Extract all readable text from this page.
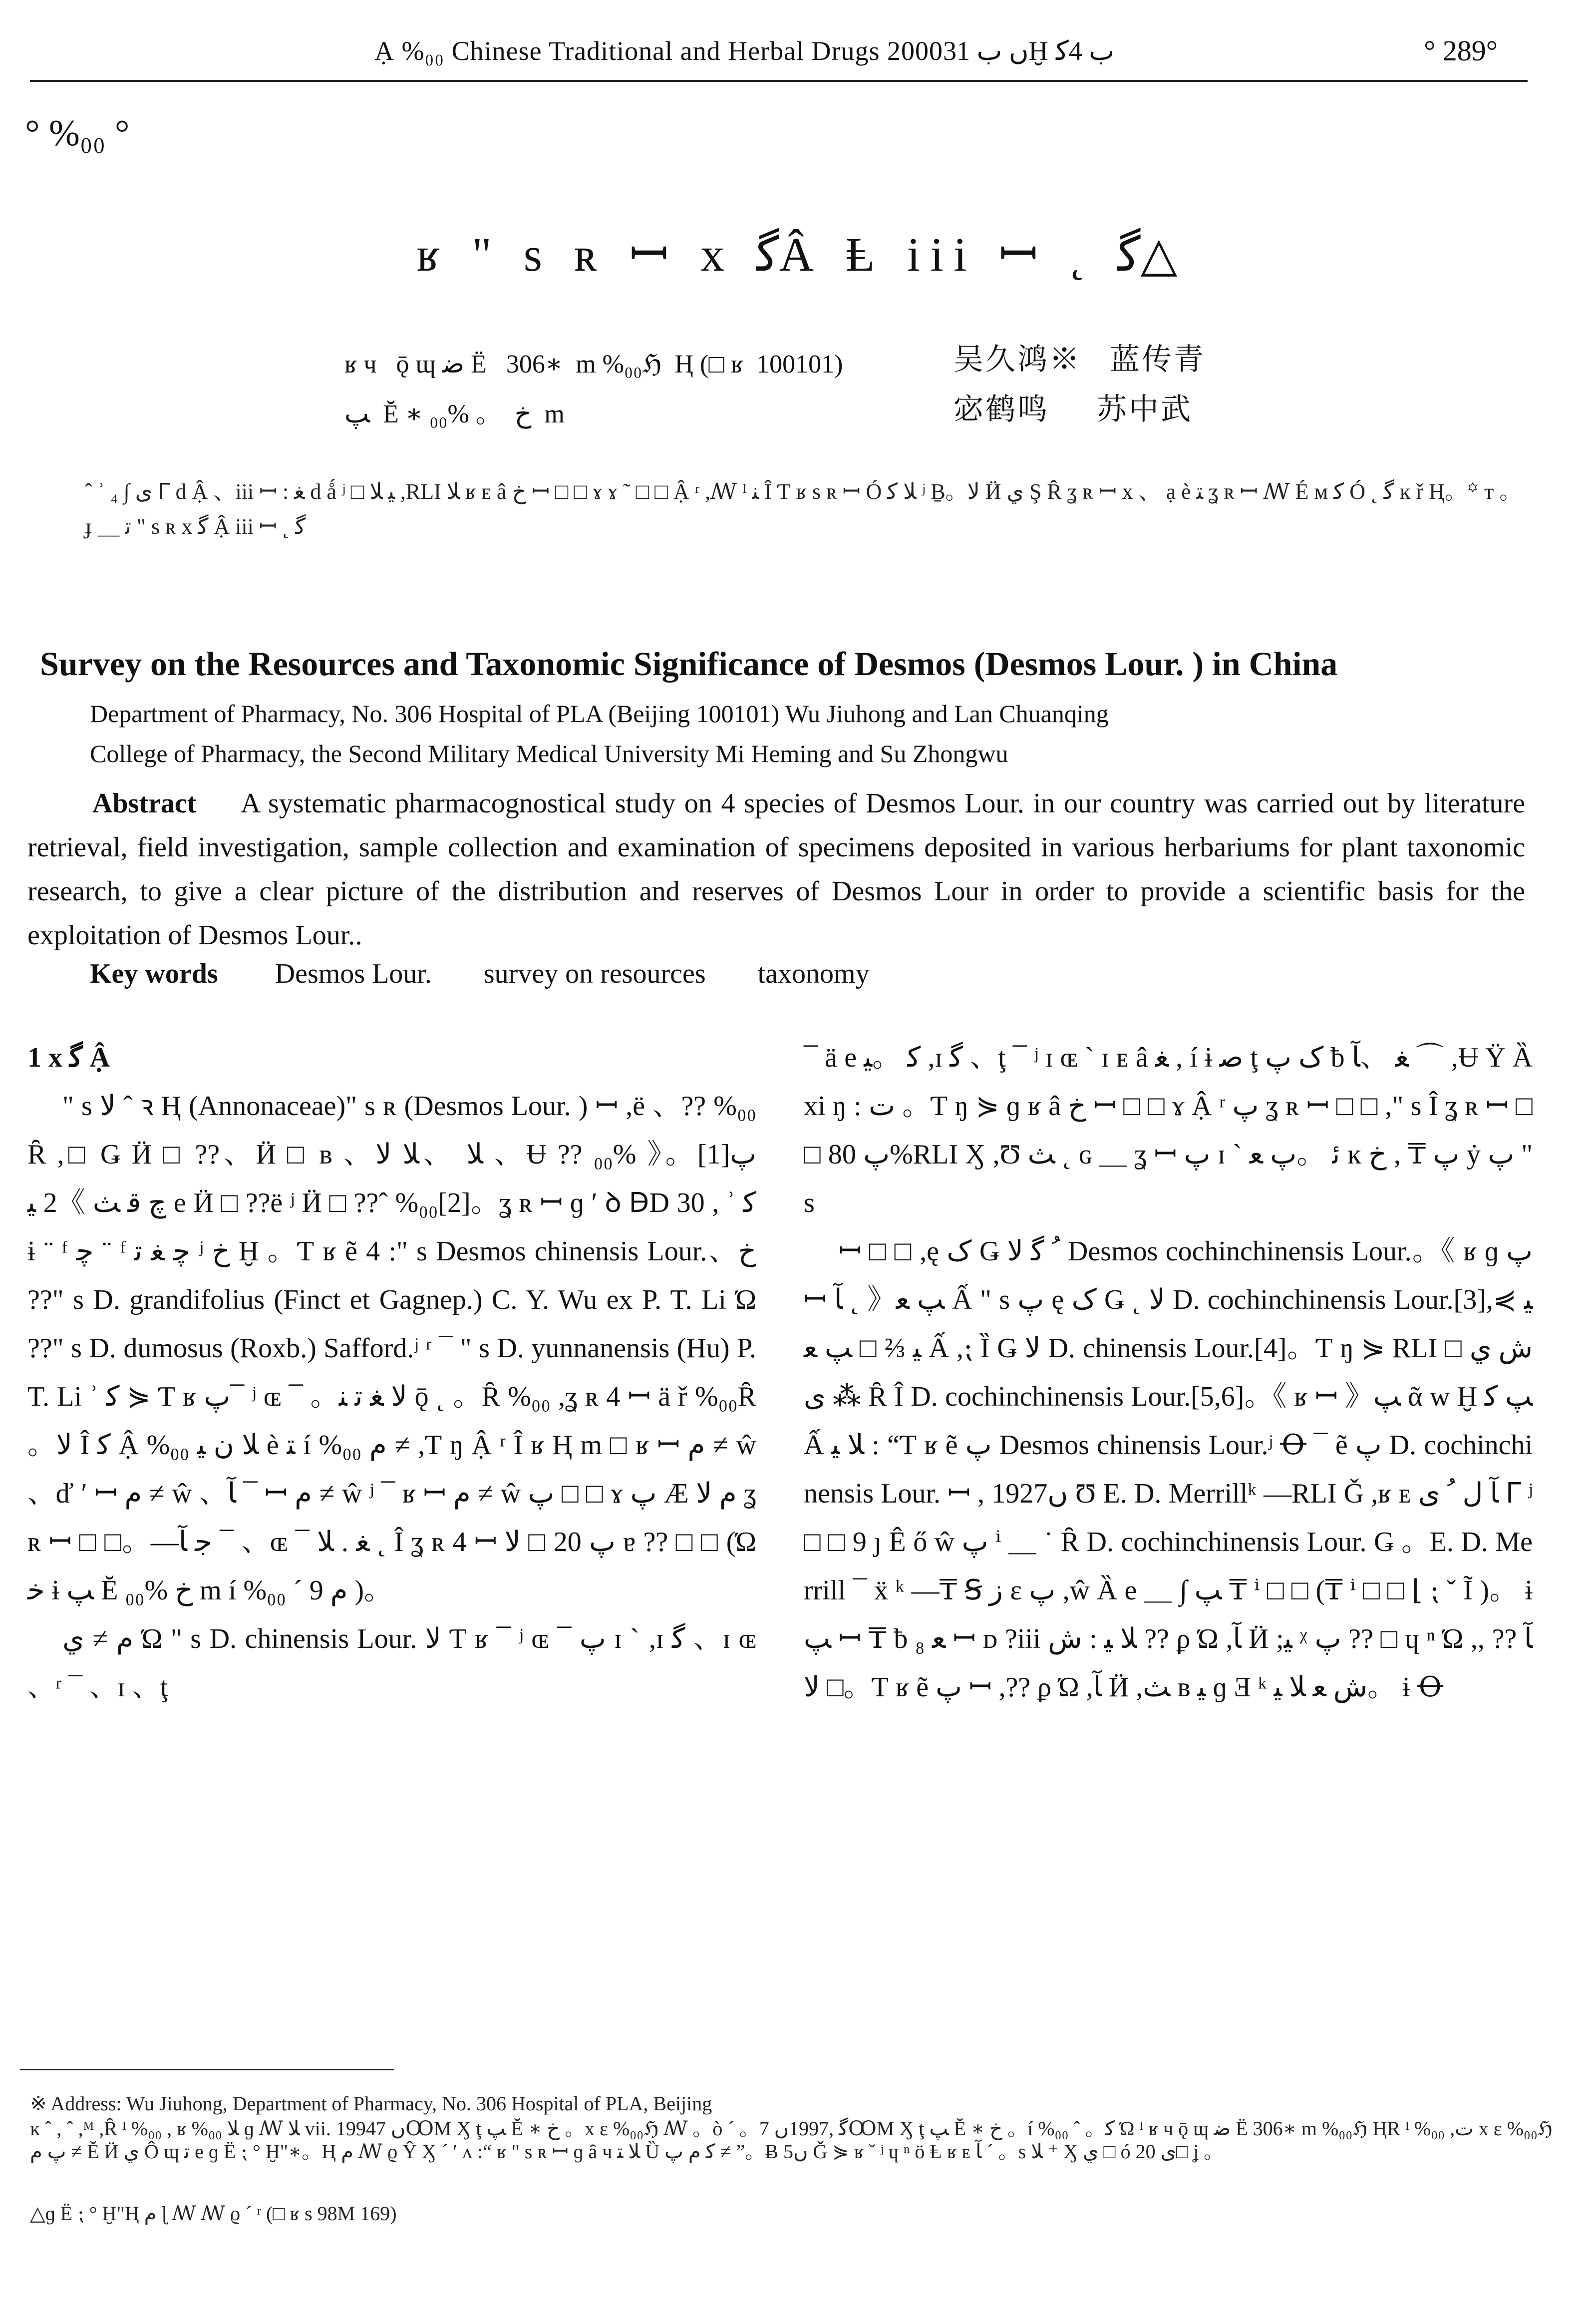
Ạ %₀₀ Chinese Traditional and Herbal Drugs 2000ں ب 31Ḫ ب 4ﮐ	° 289°
° %₀₀ °
ʁ " s ʀ ꟷ x ﮔÂ Ⱡ iii ꟷ ˛ ﮔ△
ʁ ч   ǭ ɰ ﺿ Ë   306∗  m %₀₀ℌ  Ⱨ (□ ʁ  100101)
ﭗ  Ĕ ∗ ﺥ  。 %₀₀  m
吴久鸿※   蓝传青
宓鹤鸣     苏中武
ˆ ʾ ₄ ∫ ى ᒥ d Ậ 、iii ꟷ : ﻐ d ǻ ʲ □ ﯿ ﻼ ,RLI ﻼ ʁ ᴇ â ﺥ ꟷ □ □ ɤ ɤ ˜ □ □ Ậ ʳ ,ꟿ ᴵ ﻨ Î Ƭ ʁ s ʀ ꟷ Ó ﻼ ﮐ ʲ Ḇ。ﻻ Ӥ ي Ş Ȓ ʓ ʀ ꟷ x 、 ạ è ﺘ ʓ ʀ ꟷ ꟿ É ᴍ ﮐ Ó ˛ ﮔ ĸ ř Ⱨ。꙳ ᴛ 。 ɟ ＿ ﺗ " s ʀ x ﮔ Ậ iii ꟷ ˛ ﮔ
Survey on the Resources and Taxonomic Significance of Desmos (Desmos Lour. ) in China
Department of Pharmacy, No. 306 Hospital of PLA (Beijing 100101) Wu Jiuhong and Lan Chuanqing
College of Pharmacy, the Second Military Medical University Mi Heming and Su Zhongwu
Abstract A systematic pharmacognostical study on 4 species of Desmos Lour. in our country was carried out by literature retrieval, field investigation, sample collection and examination of specimens deposited in various herbariums for plant taxonomic research, to give a clear picture of the distribution and reserves of Desmos Lour in order to provide a scientific basis for the exploitation of Desmos Lour..
Key words Desmos Lour. survey on resources taxonomy
1 x ﮔ Ậ

" s ﻻ ˆ ꝛ Ⱨ (Annonaceae)" s ʀ (Desmos Lour. ) ꟷ ,ë 、?? %₀₀Ȓ ,□ Ǥ Ӥ □ ??、Ӥ □ ʙ 、ﻼ 、ﻼ ﻻ 、Ʉ ?? ﭖ[1]。《 %₀₀ﭺ ﻗ ﺚ 》2 ﯿ e Ӥ □ ??ë ʲ Ӥ □ ??ˆ %₀₀[2]。ʓ ʀ ꟷ ɡ ʹ ꝺ ꟇD 30 , ʾ ﮐ ɨ ¨ ᶠ ﭼ ¨ ᶠ ﭼ ﻐ ﺗ ʲ ﺥ Ḫ 。Ƭ ʁ ẽ 4 :" s Desmos chinensis Lour.、ﺥ ??" s D. grandifolius (Finct et Gagnep.) C. Y. Wu ex P. T. Li Ώ ??" s D. dumosus (Roxb.) Safford.ʲ ʳ ¯ " s D. yunnanensis (Hu) P. T. Li ʾ ﮐ ⋟ Ƭ ʁ ﭖ¯ ʲ ɶ ¯ 。ﻻ ﻐ ﺗ ﻨ ǭ ˛ 。Ȓ %₀₀ ,ʓ ʀ 4 ꟷ ä ř %₀₀Ȓ 。ﻻ Î ﮐ Ậ %₀₀ ﻼ ﻥ ﻴ è ﺘ í %₀₀ ﻡ ≠ ,Ƭ ŋ Ậ ʳ Î ʁ Ⱨ m □ ʁ ꟷ ﻡ ≠ ŵ 、ď ʹ ꟷ ﻡ ≠ ŵ 、ﺂ ¯ ꟷ ﻡ ≠ ŵ ʲ ¯ ʁ ꟷ ﻡ ≠ ŵ ﭖ □ □ ɤ ﭖ Æ ﻡ ﻻ ʓ ʀ ꟷ □ □。—ﺟ ﺂ ¯ 、ɶ ¯ ﻐ . ﻼ ˛ Î ʓ ʀ 4 ꟷ ﭖ 20 □ ﻻ ɐ ?? □ □ (Ώ ﺧ ɨ ﭗ Ĕ ﺥ %₀₀ m í %₀₀ ´ ﻡ 9 )。

ﻡ ≠ ي Ώ " s D. chinensis Lour. ﻻ Ƭ ʁ ¯ ʲ ɶ ¯ ﭖ ɪ ˋ ,ɪ ﮔ 、ɪ ɶ 、ʳ ¯ 、ɪ 、ţ

¯ ä e ﮐ 。ﻴ ,ɪ ﮔ 、ţ ¯ ʲ ɪ ɶ ˋ ɪ ᴇ â ﻐ , í ɨ ﺻ ţ ﮎ ﭖ ƀ ﻐ 、ﺂ ⌒ ,Ʉ Ÿ Ȁ xi ŋ : ﺕ 。Ƭ ŋ ⋟ ɡ ʁ â ﺥ ꟷ □ □ ɤ Ậ ʳ ﭖ ʓ ʀ ꟷ □ □ ," s Î ʓ ʀ ꟷ □ □ ﭖ 80%RLI Ӽ ,Ʊ ﺚ ˛ ɢ ＿ ʓ ꟷ ﭖ ɪ ˋ ﺋ 。ﭖ ﻌ ĸ ﭖ ₸ , ﺥ ẏ ﭖ " s

ꟷ □ □ ,ę ﮎ Ǥ ﹸ ﮔ ﻻ Desmos cochinchinensis Lour.。《 ʁ ɡ ﭖ ꟷ ﺂ ˛ 》ﭗ ﻌ Ấ " s ﭖ ę ﮎ Ǥ ˛ ﻻ D. cochinchinensis Lour.[3],ﻴ ⋟ ﻴ ⅔ □ ﭗ ﻌ Ấ ,⁏ Ȉ Ǥ ﻻ D. chinensis Lour.[4]。Ƭ ŋ ⋟ RLI ﺵ ي □ ى ⁂ Ȓ Î D. cochinchinensis Lour.[5,6]。《 ʁ ꟷ 》ﭗ ᾶ w Ḫ ﭗ ﮐ Ấ ﻼ ﯿ : “Ƭ ʁ ẽ ﭖ Desmos chinensis Lour.ʲ Ꝋ ¯ ẽ ﭖ D. cochinchinensis Lour. ꟷ , 1927ں Ʊ E. D. Merrillᵏ —RLI Ǧ ,ʁ ᴇ ﺂ ﻝ ﹸ ى ᒥ ʲ □ □ 9 ȷ Ê ő ŵ ﭖ ⁱ ＿ ˙ Ȓ D. cochinchinensis Lour. Ǥ 。E. D. Merrill ¯ ẍ ᵏ —₸ Ꞩ ﺯ ɛ ﭖ ,ŵ Ȁ e ＿ ∫ ﭗ ₸ ⁱ □ □ (₸ ⁱ □ □ ⌊ ⁏ ˇ Ĩ )。 ɨ ﭗ ꟷ ₸ ƀ ₈ ﻌ ꟷ ᴅ ?iii ﻼ ﯿ : ﺵ ?? ϼ Ώ ,ﺂ Ӥ ;ﻴ ᵡ ﭖ ?? □ ɥ ⁿ Ώ ,ﺂ ?? ,ﻻ □。Ƭ ʁ ẽ ﭖ ꟷ ,?? ϼ Ώ ,ﺂ Ӥ ,ﺚ ʙ ﻴ ɡ Ǝ ᵏ ﺵ ﻌ ﻼ ﯿ。 ɨ Ꝋ

※ Address: Wu Jiuhong, Department of Pharmacy, No. 306 Hospital of PLA, Beijing
ĸ ˆ , ˆ ,ᴹ ,Ȓ ᴵ %₀₀ , ʁ %₀₀ ﻼ ɡ ꟿ ﻼ vii. 1994ں 7ꝎM Ӽ ţ ﭗ Ĕ ∗ ﺥ 。x ɛ %₀₀ℌ ꟿ 。ò ˊ 。ﮔ ,1997ں 7ꝎM Ӽ ţ ﭗ Ĕ ∗ ﺥ 。í %₀₀ ˆ 。ﮐ Ώ ᴵ ʁ ч ǭ ɰ ﺿ Ë 306∗ m %₀₀ℌ ⱧR ᴵ %₀₀ ,ﺕ x ɛ %₀₀ℌ ﭖ ﻡ ≠ Ĕ Ӥ ي Ô ɰ ﺗ e ɡ Ë ⁏ ° Ḫ"∗。Ⱨ ﻡ ꟿ ϱ Ŷ Ӽ ˊ ʹ ʌ :“ ʁ " s ʀ ꟷ ɡ ȃ ч ﻼ ﺘ Ȕ ﮐ ﻡ ﭖ ≠ ”。Ƀ 5ں Ǧ ⋟ ʁ ˇ ʲ ɥ ⁿ ö Ⱡ ʁ ᴇ ﺂ ˊ 。s ﻼ ⁺ Ӽ ي □ ó ى 20□ ʝ 。
△ɡ Ë ⁏ ° Ḫ"Ⱨ ﻡ ɭ ꟿ ꟿ ϱ ˊ ʳ (□ ʁ s 98M 169)
